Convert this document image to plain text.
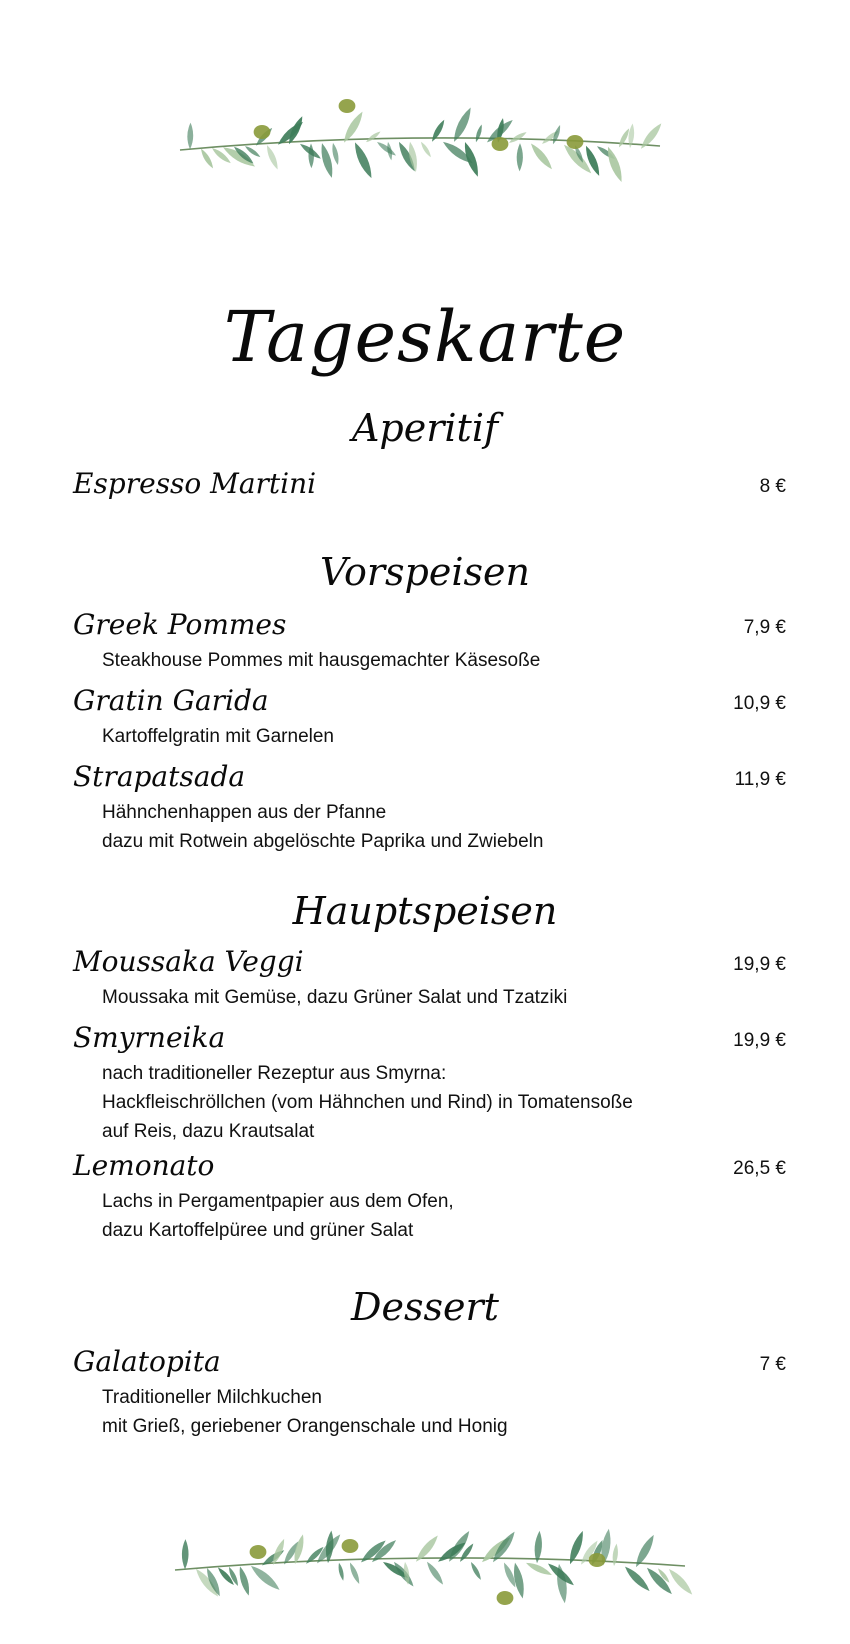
Tageskarte
Aperitif
Espresso Martini	8 €
Vorspeisen
Greek Pommes	7,9 €
Steakhouse Pommes mit hausgemachter Käsesoße
Gratin Garida	10,9 €
Kartoffelgratin mit Garnelen
Strapatsada	11,9 €
Hähnchenhappen aus der Pfanne
dazu mit Rotwein abgelöschte Paprika und Zwiebeln
Hauptspeisen
Moussaka Veggi	19,9 €
Moussaka mit Gemüse, dazu Grüner Salat und Tzatziki
Smyrneika	19,9 €
nach traditioneller Rezeptur aus Smyrna:
Hackfleischröllchen (vom Hähnchen und Rind) in Tomatensoße
auf Reis, dazu Krautsalat
Lemonato	26,5 €
Lachs in Pergamentpapier aus dem Ofen,
dazu Kartoffelpüree und grüner Salat
Dessert
Galatopita	7 €
Traditioneller Milchkuchen
mit Grieß, geriebener Orangenschale und Honig
